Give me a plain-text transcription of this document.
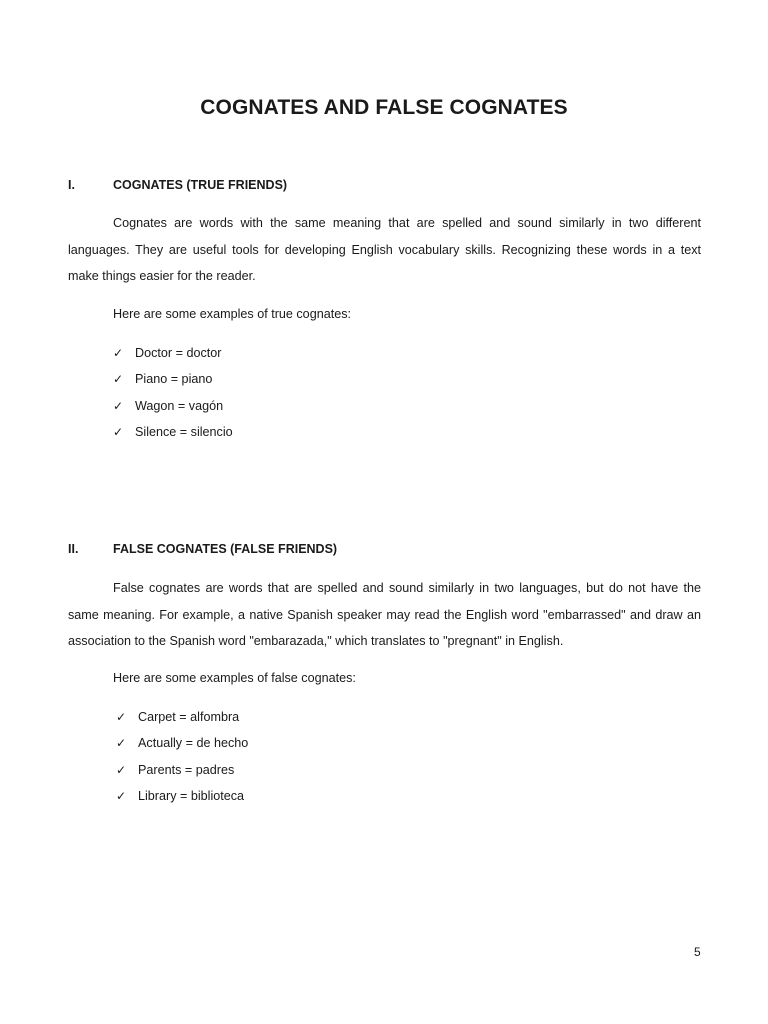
COGNATES AND FALSE COGNATES
I.	COGNATES (TRUE FRIENDS)
Cognates are words with the same meaning that are spelled and sound similarly in two different languages. They are useful tools for developing English vocabulary skills. Recognizing these words in a text make things easier for the reader.
Here are some examples of true cognates:
✓ Doctor = doctor
✓ Piano = piano
✓ Wagon = vagón
✓ Silence = silencio
II.	FALSE COGNATES (FALSE FRIENDS)
False cognates are words that are spelled and sound similarly in two languages, but do not have the same meaning. For example, a native Spanish speaker may read the English word "embarrassed" and draw an association to the Spanish word "embarazada," which translates to "pregnant" in English.
Here are some examples of false cognates:
✓ Carpet = alfombra
✓ Actually = de hecho
✓ Parents = padres
✓ Library = biblioteca
5
